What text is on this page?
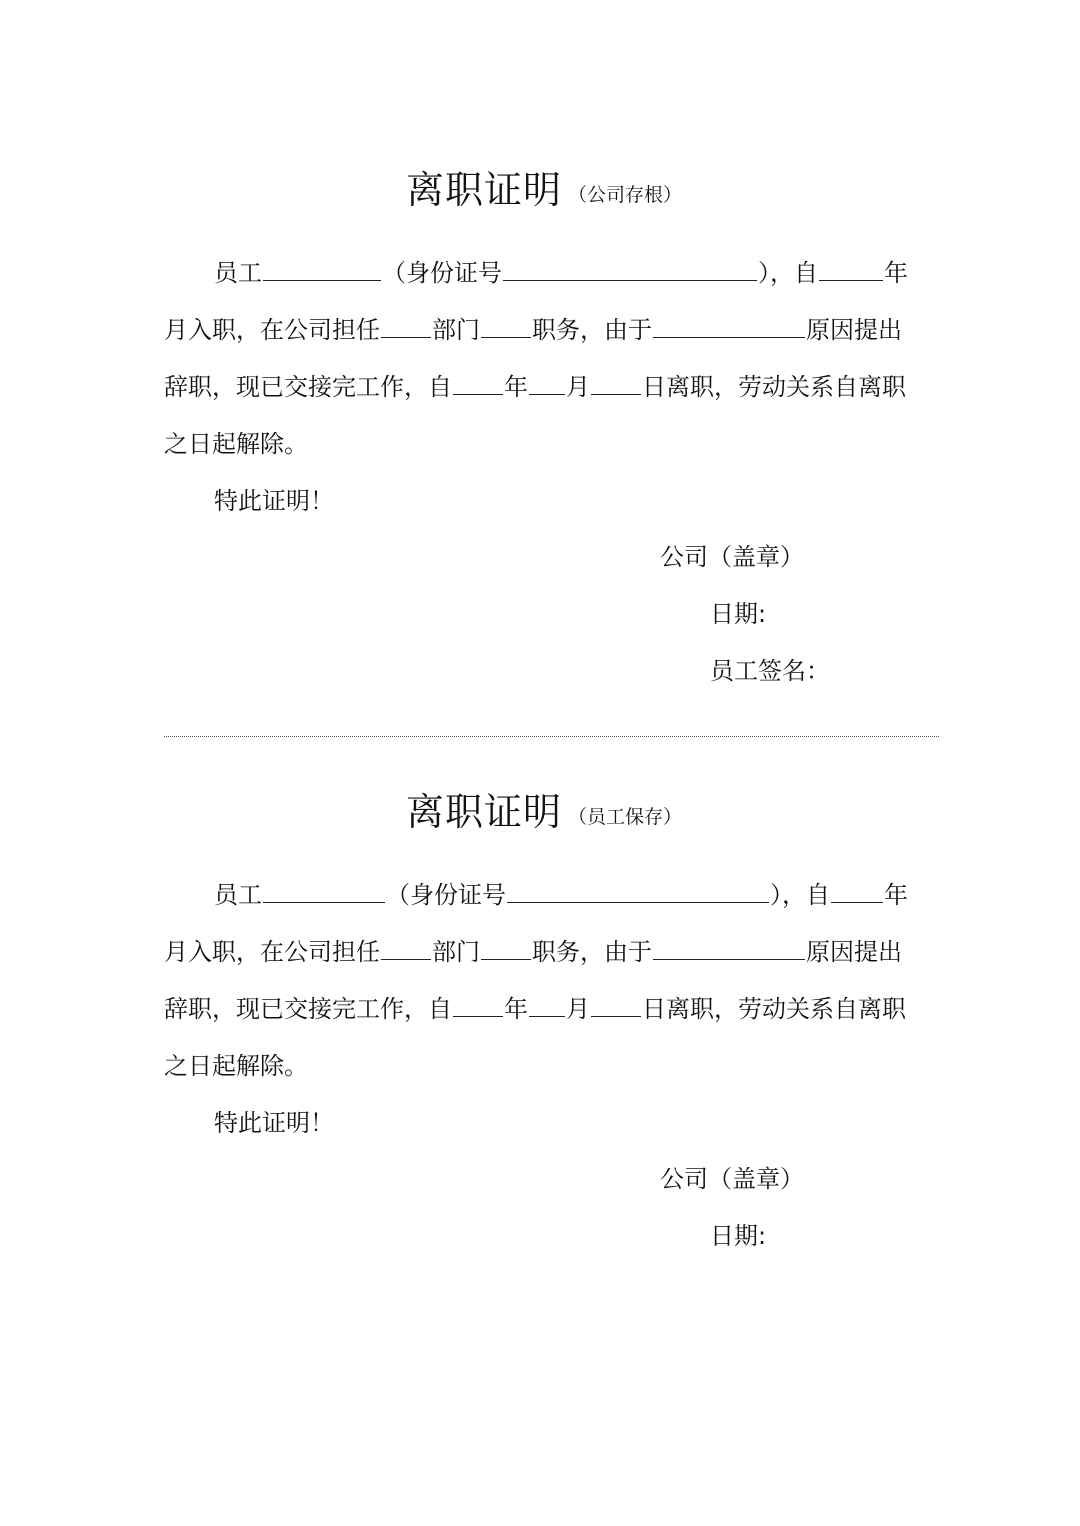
离职证明 （公司存根）
员工	（身份证号	），自	年
月入职，在公司担任 部门 职务，由于	原因提出
辞职，现已交接完工作，自 年 月 日离职，劳动关系自离职
之日起解除。
特此证明！
公司（盖章）
日期:
员工签名：
离职证明 （员工保存）
员工	（身份证号	），自 年
月入职，在公司担任 部门 职务，由于	原因提出
辞职，现已交接完工作，自 年 月 日离职，劳动关系自离职
之日起解除。
特此证明！
公司（盖章）
日期:
